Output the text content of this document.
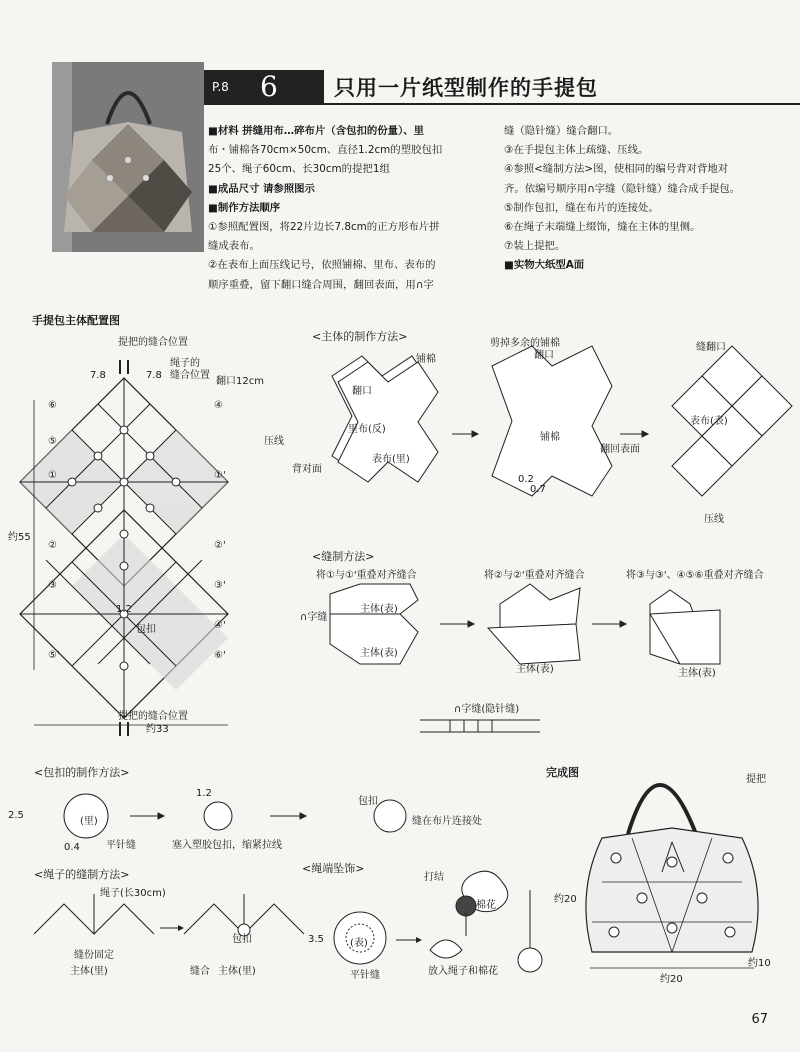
P.8 6	只用一片纸型制作的手提包

■材料 拼缝用布…碎布片（含包扣的份量）、里

布・铺棉各70cm×50cm、直径1.2cm的塑胶包扣

25个、绳子60cm、长30cm的提把1组

■成品尺寸 请参照图示

■制作方法顺序

①参照配置图，将22片边长7.8cm的正方形布片拼

缝成表布。

②在表布上面压线记号，依照铺棉、里布、表布的

顺序重叠，留下翻口缝合周围，翻回表面，用∩字

缝（隐针缝）缝合翻口。

③在手提包主体上疏缝、压线。

④参照<缝制方法>图，使相同的编号背对背地对

齐。依编号顺序用∩字缝（隐针缝）缝合成手提包。

⑤制作包扣，缝在布片的连接处。

⑥在绳子末端缝上缀饰，缝在主体的里侧。

⑦装上提把。

■实物大纸型A面

手提包主体配置图
提把的缝合位置
7.8	7.8
绳子的
缝合位置
翻口12cm
压线
包扣
1.2
约55
约33
提把的缝合位置
⑥
⑤
④
①	①'
②	②'
③	③'
④'
⑤'	⑥'
<主体的制作方法>
铺棉
翻口
里布(反)
表布(里)
背对面
剪掉多余的铺棉
翻口
铺棉
0.2
0.7
翻回表面
缝翻口
表布(表)
压线
<缝制方法>
将①与①'重叠对齐缝合	将②与②'重叠对齐缝合	将③与③'、④⑤⑥重叠对齐缝合
∩字缝
主体(表)
主体(表)
主体(表)	主体(表)
∩字缝(隐针缝)
<包扣的制作方法>
2.5
0.4
1.2
(里)
平针缝	塞入塑胶包扣，缩紧拉线
包扣
缝在布片连接处
<绳子的缝制方法>
绳子(长30cm)
缝份固定
主体(里)
包扣
缝合 主体(里)
<绳端坠饰>
打结
棉花
3.5	(表)
平针缝	放入绳子和棉花
完成图
提把
约20
约20
约10
67
